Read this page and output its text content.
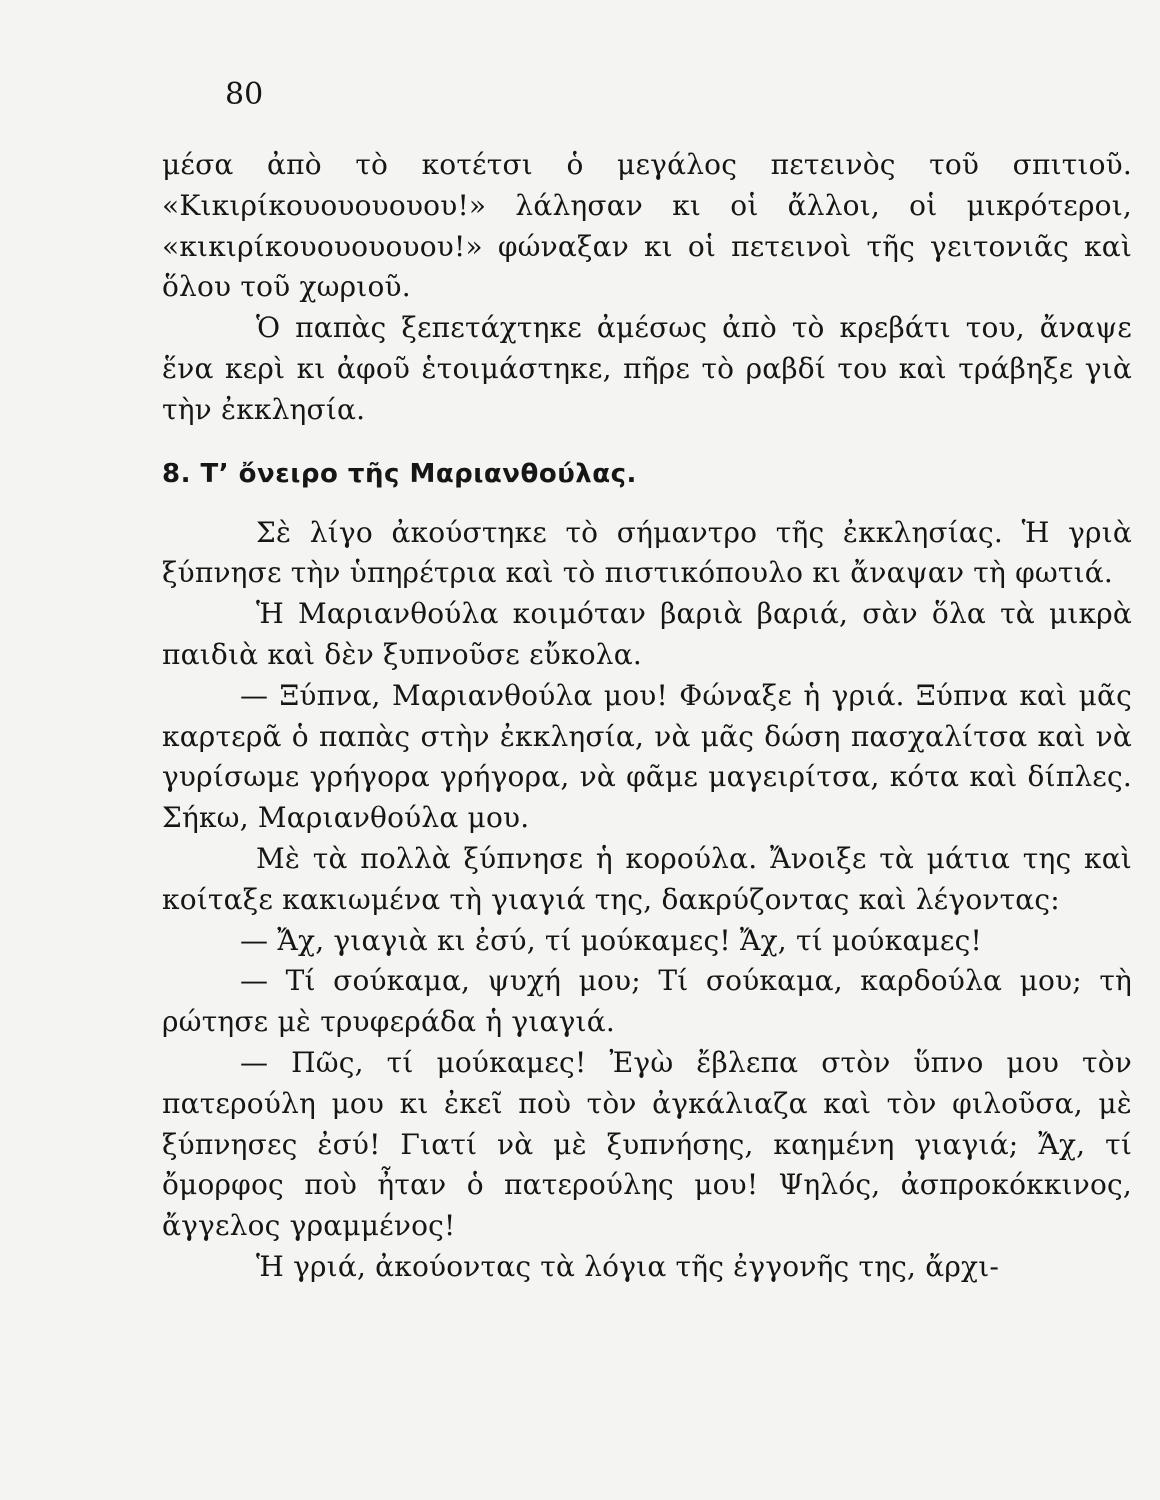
80

μέσα ἀπὸ τὸ κοτέτσι ὁ μεγάλος πετεινὸς τοῦ σπιτιοῦ. «Κικιρίκουουουουου!» λάλησαν κι οἱ ἄλλοι, οἱ μικρότεροι, «κικιρίκουουουουου!» φώναξαν κι οἱ πετεινοὶ τῆς γειτονιᾶς καὶ ὅλου τοῦ χωριοῦ.

Ὁ παπὰς ξεπετάχτηκε ἀμέσως ἀπὸ τὸ κρεβάτι του, ἄναψε ἕνα κερὶ κι ἀφοῦ ἑτοιμάστηκε, πῆρε τὸ ραβδί του καὶ τράβηξε γιὰ τὴν ἐκκλησία.

8. Τ’ ὄνειρο τῆς Μαριανθούλας.

Σὲ λίγο ἀκούστηκε τὸ σήμαντρο τῆς ἐκκλησίας. Ἡ γριὰ ξύπνησε τὴν ὑπηρέτρια καὶ τὸ πιστικόπουλο κι ἄναψαν τὴ φωτιά.

Ἡ Μαριανθούλα κοιμόταν βαριὰ βαριά, σὰν ὅλα τὰ μικρὰ παιδιὰ καὶ δὲν ξυπνοῦσε εὔκολα.

— Ξύπνα, Μαριανθούλα μου! Φώναξε ἡ γριά. Ξύπνα καὶ μᾶς καρτερᾶ ὁ παπὰς στὴν ἐκκλησία, νὰ μᾶς δώση πασχαλίτσα καὶ νὰ γυρίσωμε γρήγορα γρήγορα, νὰ φᾶμε μαγειρίτσα, κότα καὶ δίπλες. Σήκω, Μαριανθούλα μου.

Μὲ τὰ πολλὰ ξύπνησε ἡ κορούλα. Ἄνοιξε τὰ μάτια της καὶ κοίταξε κακιωμένα τὴ γιαγιά της, δακρύζοντας καὶ λέγοντας:

— Ἄχ, γιαγιὰ κι ἐσύ, τί μούκαμες! Ἄχ, τί μούκαμες!

— Τί σούκαμα, ψυχή μου; Τί σούκαμα, καρδούλα μου; τὴ ρώτησε μὲ τρυφεράδα ἡ γιαγιά.

— Πῶς, τί μούκαμες! Ἐγὼ ἔβλεπα στὸν ὕπνο μου τὸν πατερούλη μου κι ἐκεῖ ποὺ τὸν ἀγκάλιαζα καὶ τὸν φιλοῦσα, μὲ ξύπνησες ἐσύ! Γιατί νὰ μὲ ξυπνήσης, καημένη γιαγιά; Ἄχ, τί ὄμορφος ποὺ ἦταν ὁ πατερούλης μου! Ψηλός, ἀσπροκόκκινος, ἄγγελος γραμμένος!

Ἡ γριά, ἀκούοντας τὰ λόγια τῆς ἐγγονῆς της, ἄρχι-
